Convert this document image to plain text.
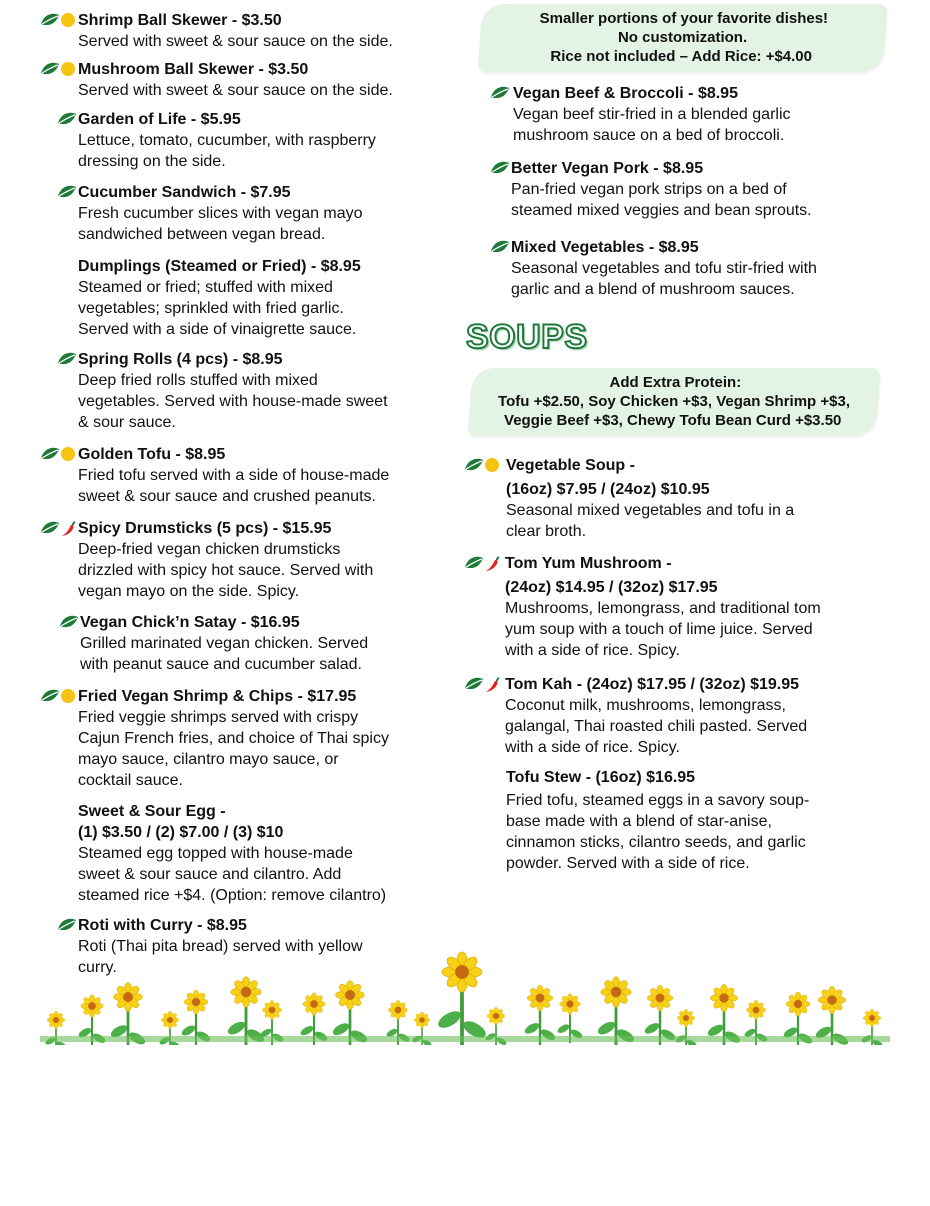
Shrimp Ball Skewer - $3.50
Served with sweet & sour sauce on the side.
Mushroom Ball Skewer - $3.50
Served with sweet & sour sauce on the side.
Garden of Life - $5.95
Lettuce, tomato, cucumber, with raspberry
dressing on the side.
Cucumber Sandwich - $7.95
Fresh cucumber slices with vegan mayo
sandwiched between vegan bread.
Dumplings (Steamed or Fried) - $8.95
Steamed or fried; stuffed with mixed
vegetables; sprinkled with fried garlic.
Served with a side of vinaigrette sauce.
Spring Rolls (4 pcs) - $8.95
Deep fried rolls stuffed with mixed
vegetables. Served with house-made sweet
& sour sauce.
Golden Tofu - $8.95
Fried tofu served with a side of house-made
sweet & sour sauce and crushed peanuts.
Spicy Drumsticks (5 pcs) - $15.95
Deep-fried vegan chicken drumsticks
drizzled with spicy hot sauce. Served with
vegan mayo on the side. Spicy.
Vegan Chick’n Satay - $16.95
Grilled marinated vegan chicken. Served
with peanut sauce and cucumber salad.
Fried Vegan Shrimp & Chips - $17.95
Fried veggie shrimps served with crispy
Cajun French fries, and choice of Thai spicy
mayo sauce, cilantro mayo sauce, or
cocktail sauce.
Sweet & Sour Egg -
(1) $3.50 / (2) $7.00 / (3) $10
Steamed egg topped with house-made
sweet & sour sauce and cilantro. Add
steamed rice +$4. (Option: remove cilantro)
Roti with Curry - $8.95
Roti (Thai pita bread) served with yellow
curry.
Smaller portions of your favorite dishes!
No customization.
Rice not included – Add Rice: +$4.00
Vegan Beef & Broccoli - $8.95
Vegan beef stir-fried in a blended garlic
mushroom sauce on a bed of broccoli.
Better Vegan Pork - $8.95
Pan-fried vegan pork strips on a bed of
steamed mixed veggies and bean sprouts.
Mixed Vegetables - $8.95
Seasonal vegetables and tofu stir-fried with
garlic and a blend of mushroom sauces.
SOUPS
Add Extra Protein:
Tofu +$2.50, Soy Chicken +$3, Vegan Shrimp +$3,
Veggie Beef +$3, Chewy Tofu Bean Curd +$3.50
Vegetable Soup -
(16oz) $7.95 / (24oz) $10.95
Seasonal mixed vegetables and tofu in a
clear broth.
Tom Yum Mushroom -
(24oz) $14.95 / (32oz) $17.95
Mushrooms, lemongrass, and traditional tom
yum soup with a touch of lime juice. Served
with a side of rice. Spicy.
Tom Kah - (24oz) $17.95 / (32oz) $19.95
Coconut milk, mushrooms, lemongrass,
galangal, Thai roasted chili pasted. Served
with a side of rice. Spicy.
Tofu Stew - (16oz) $16.95
Fried tofu, steamed eggs in a savory soup-
base made with a blend of star-anise,
cinnamon sticks, cilantro seeds, and garlic
powder. Served with a side of rice.
